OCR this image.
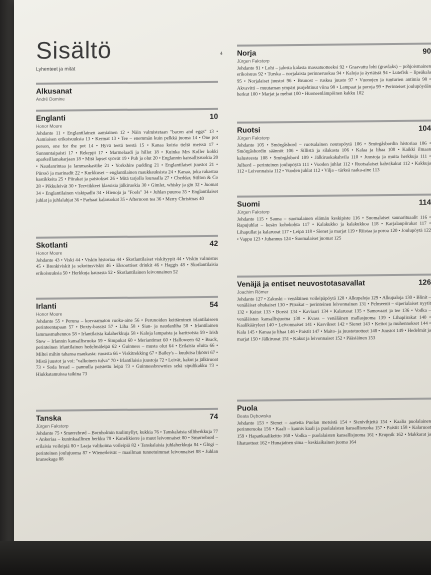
Sisältö	4
Lyhenteet ja mitat
Alkusanat
André Domine
Englanti	10
Honor Moore
Johdanto 11 • Englantilainen aamiainen 12 • Näin valmistetaan "bacon and eggs" 13 • Aamiaisen erikoisuuksia 13 • Kermat 13 • Tee – enemmän kuin pelkkä juoma 14 • One pot person, one for the pot 14 • Hyvä teetä teestä 15 • Kanaa koiria tieltä meissä 17 • Sunnuntaipaisti 17 • Rekeppi 17 • Marmelaadi ja hillot 18 • Kuinka Mrs Koller kokki aparkeillamakarjaan 18 • Mitä lapset syövät 19 • Pub ja olut 20 • Englannin kansallisruokia 20 • Naudanrintaa ja lammaskastike 21 • Yorkshire pudding 21 • Englantilaiset juustot 21 • Pürssö ja marinadit 22 • Kurkkuset – englantilainen maukkauksista 24 • Kanaa, joka rakastaa kastikkeita 25 • Piirakat ja paistokset 26 • Mitä tarjolla lounaalla 27 • Cheddar, Stilton & Co 28 • Pikkuleivät 30 • Teeviikkeet klassisia jälkiruokia 30 • Gimlet, whisky ja gin 32 • Juomat 34 • Englantilainen viskipadlu 34 • Hienoja ja "Fools" 34 • Juhlan puuroa 35 • Englantilaiset juhlat ja juhlalahjat 36 • Parhaat kalaruokat 35 • Afternoon tea 36 • Merry Christmas 40
Skotlanti	42
Honor Moore
Johdanto 43 • Viski 44 • Viskin historiaa 44 • Skotlantilaiset viskityypit 44 • Viskin valmistus 45 • Brenkiviskit ja sekoitusviskit 46 • Eksoottiset drinkit 46 • Haggis 48 • Skotlantilaisia erikoisuuksia 50 • Herkkuja kaurasta 52 • Skotlantilainen leivonnainen 52
Irlanti	54
Honor Moore
Johdanto 55 • Peruna – korvaamaton ruoka-aine 56 • Perunoiden keittäminen irlantilaiseen perinteentapaan 57 • Boxty-bassist 57 • Liha 58 • Sian- ja naudanliha 58 • Irlantilainen lammasmuhennos 58 • Irlantilaisia kalaherkkuja 58 • Kaloja lampaista ja karitsoista 59 • Irish Stew – Irlannin kansallisruoka 59 • Simpukat 60 • Meriantimet 60 • Halloween 62 • Brack, perinteinen irlantilainen hedelmäleipä 62 • Guinness – musta olut 64 • Erilaisia oluita 66 • Miltei mihin tahansa maukasta: ruoasta 66 • Viskitrekking 67 • Bailey's – kuuluisa likööri 67 • Mistä juustot ja voi: "valkoinen tulva" 70 • Irlantilaisia juustoja 72 • Leivät, kakut ja jälkiruoat 73 • Soda bread – pannulla paistettu leipä 73 • Guinnessbrownies sekä sipulikakku 73 • Hiukkatamuissa taikina 73
Tanska	74
Jürgen Fakstorp
Johdanto 75 • Smørrebrød – Bornholmin tuulimyllyt, kukkia 76 • Tanskalaisia silliherkkuja 77 • Ankeriaa – kuninkaallinen herkku 78 • Kanelikierre ja muut leivonnaiset 80 • Smørrebrød – erilaisia voileipiä 80 • Laaja valikoima voileipiä 82 • Tanskalaisia juhlaherkkuja 84 • Glögi – perinteinen joulujuoma 87 • Wienerleivät – maailman tunnetuimmat leivonnaiset 88 • Juhlan kransekage 88
Norja	90
Jürgen Fakstorp
Johdanto 91 • Lohi – jalosta kalasta massatuotteeksi 92 • Graavattu lohi (gravlaks) – pohjoismainen erikoisuus 92 • Turska – norjalaista perinneruokaa 94 • Kaloja ja äyriäisiä 94 • Lutefisk – lipeäkala 95 • Norjalaiset juustot 96 • Brunost – ruskea juusto 97 • Vuonojen ja tunturien antimia 98 • Akvavitti – muutaman ympäri purjehtinut viina 98 • Lampaat ja poroja 99 • Perinteiset joulupöydän herkut 100 • Marjat ja mehut 100 • Huoneenlämpöinen kakku 102
Ruotsi	104
Jürgen Fakstorp
Johdanto 105 • Smörgåsbord – ruotsalainen noutopöytä 106 • Smörgåsbordin historiaa 106 • Smörgåsbordin säännöt 106 • Sillistä ja silakasta 106 • Kalaa ja lihaa 108 • Kaikki ilmaan kalusteesta 108 • Smörgåsbord 109 • Jälkiruokakahvila 110 • Juustoja ja muita herkkuja 111 • Julbord – perinteinen joulupöytä 111 • Vuoden juhlat 112 • Ruotsalaiset kahvikakut 112 • Kakkuja 112 • Leivonnaisia 112 • Vuoden juhlat 112 • Vilja – tärkeä raaka-aine 113
Suomi	114
Jürgen Fakstorp
Johdanto 115 • Sauna – suomalainen elämän keskipiste 116 • Suomalaiset saunarituaalit 116 • Rapujuhlat – kesän kohokohta 117 • Kalakukko ja kalakukkoa 118 • Karjalanpiirakat 117 • Lihapullat ja kalaruoat 117 • Leipä 118 • Sienet ja marjat 119 • Riistaa ja poroa 120 • Joulupöytä 122 • Vappu 123 • Juhannus 124 • Suomalaiset juomat 125
Venäjä ja entiset neuvostotasavallat	126
Joachim Römer
Johdanto 127 • Zakuski – venäläinen voileipäpöytä 128 • Alkupaloja 129 • Alkupaloja 130 • Blinit – venäläiset ohukaiset 130 • Piirakat – perinteinen leivonnainen 131 • Pelmeenit – siperialaiset nyytit 132 • Keitot 133 • Borssi 134 • Kaviaari 134 • Kalaruoat 135 • Samovaari ja tee 136 • Vodka – venäläisten kansallisjuoma 138 • Kvass – venäläinen mallasjuoma 139 • Lihapiirakat 140 • Kaalikääryleet 140 • Leivonnaiset 141 • Kasvikset 142 • Sienet 143 • Keitot ja muhennokset 144 • Kala 145 • Kanaa ja lihaa 146 • Paistit 147 • Maito- ja juustotuotteet 148 • Juustot 149 • Hedelmät ja marjat 150 • Jälkiruoat 151 • Kakut ja leivonnaiset 152 • Pääsiäinen 153
Puola
Beata Dębowska
Johdanto 153 • Sienet – aarteita Puolan metsistä 154 • Sienivihjeitä 154 • Kaalia puolalainen perinneruoka 156 • Kaali – kaunis kaali ja puolalaisten kansallisruoka 157 • Paistit 158 • Kalaruoat 159 • Hapankaalikeitto 160 • Vodka – puolalaisten kansallisjuoma 161 • Krupnik 162 • Makkarat ja lihatuotteet 162 • Hunajainen sima – keskiaikainen juoma 164
